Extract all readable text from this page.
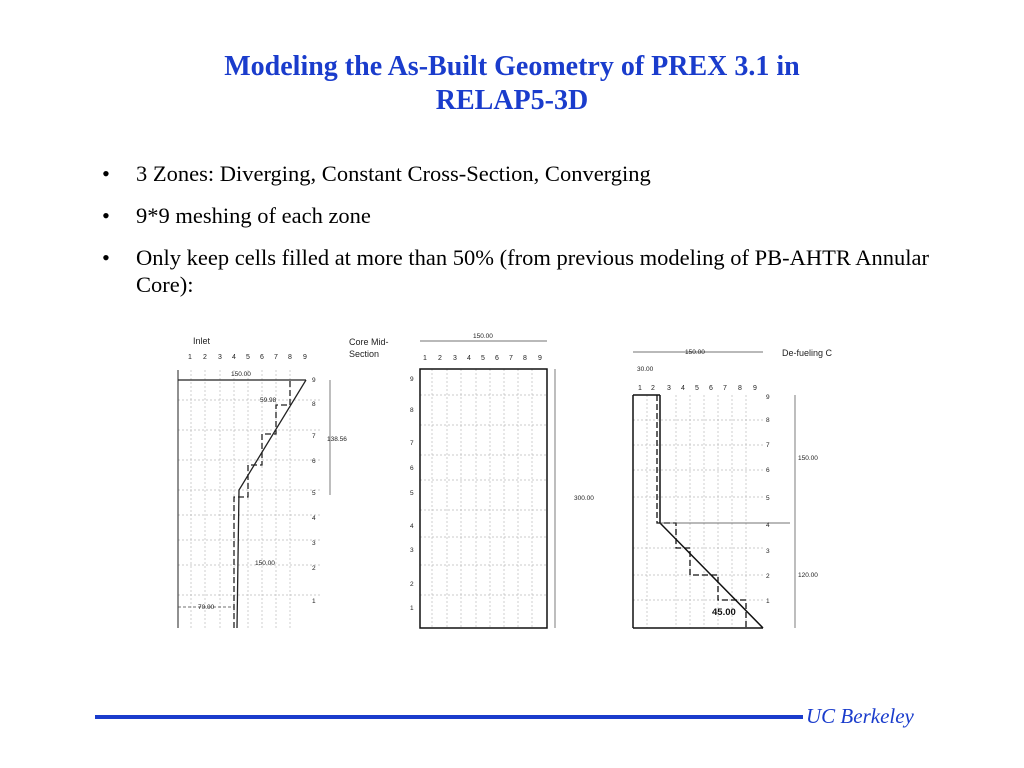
Modeling the As-Built Geometry of PREX 3.1 in
RELAP5-3D
• 3 Zones: Diverging, Constant Cross-Section, Converging
• 9*9 meshing of each zone
• Only keep cells filled at more than 50% (from previous modeling of PB-AHTR Annular Core):
Inlet
1 2 3 4 5 6 7 8 9
150.00
59.98
138.56
150.00
70.00
9
8
7
6
5
4
3
2
1
Core Mid-
Section
150.00
1 2 3 4 5 6 7 8 9
300.00
9
8
7
6
5
4
3
2
1
De-fueling C
150.00
30.00
1 2 3 4 5 6 7 8 9
150.00
120.00
45.00
9
8
7
6
5
4
3
2
1
UC Berkeley
